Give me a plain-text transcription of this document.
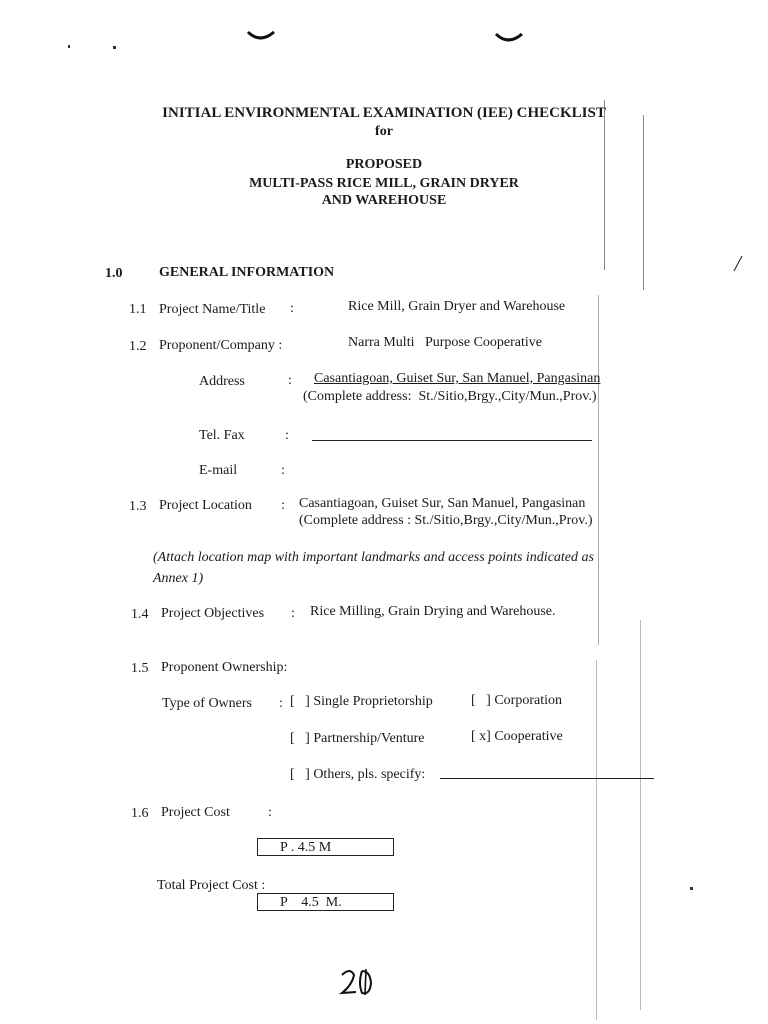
INITIAL ENVIRONMENTAL EXAMINATION (IEE) CHECKLIST
for
PROPOSED
MULTI-PASS RICE MILL, GRAIN DRYER
AND WAREHOUSE
1.0	GENERAL INFORMATION
1.1 Project Name/Title :	Rice Mill, Grain Dryer and Warehouse
1.2 Proponent/Company :	Narra Multi   Purpose Cooperative
Address	: Casantiagoan, Guiset Sur, San Manuel, Pangasinan
(Complete address:  St./Sitio,Brgy.,City/Mun.,Prov.)
Tel. Fax	:
E-mail	:
1.3 Project Location : Casantiagoan, Guiset Sur, San Manuel, Pangasinan
(Complete address : St./Sitio,Brgy.,City/Mun.,Prov.)
(Attach location map with important landmarks and access points indicated as
Annex 1)
1.4 Project Objectives : Rice Milling, Grain Drying and Warehouse.
1.5 Proponent Ownership:
Type of Owners : [   ] Single Proprietorship	[   ] Corporation
[   ] Partnership/Venture	[ x] Cooperative
[   ] Others, pls. specify:
1.6 Project Cost	:
P . 4.5 M
Total Project Cost :
P    4.5  M.
